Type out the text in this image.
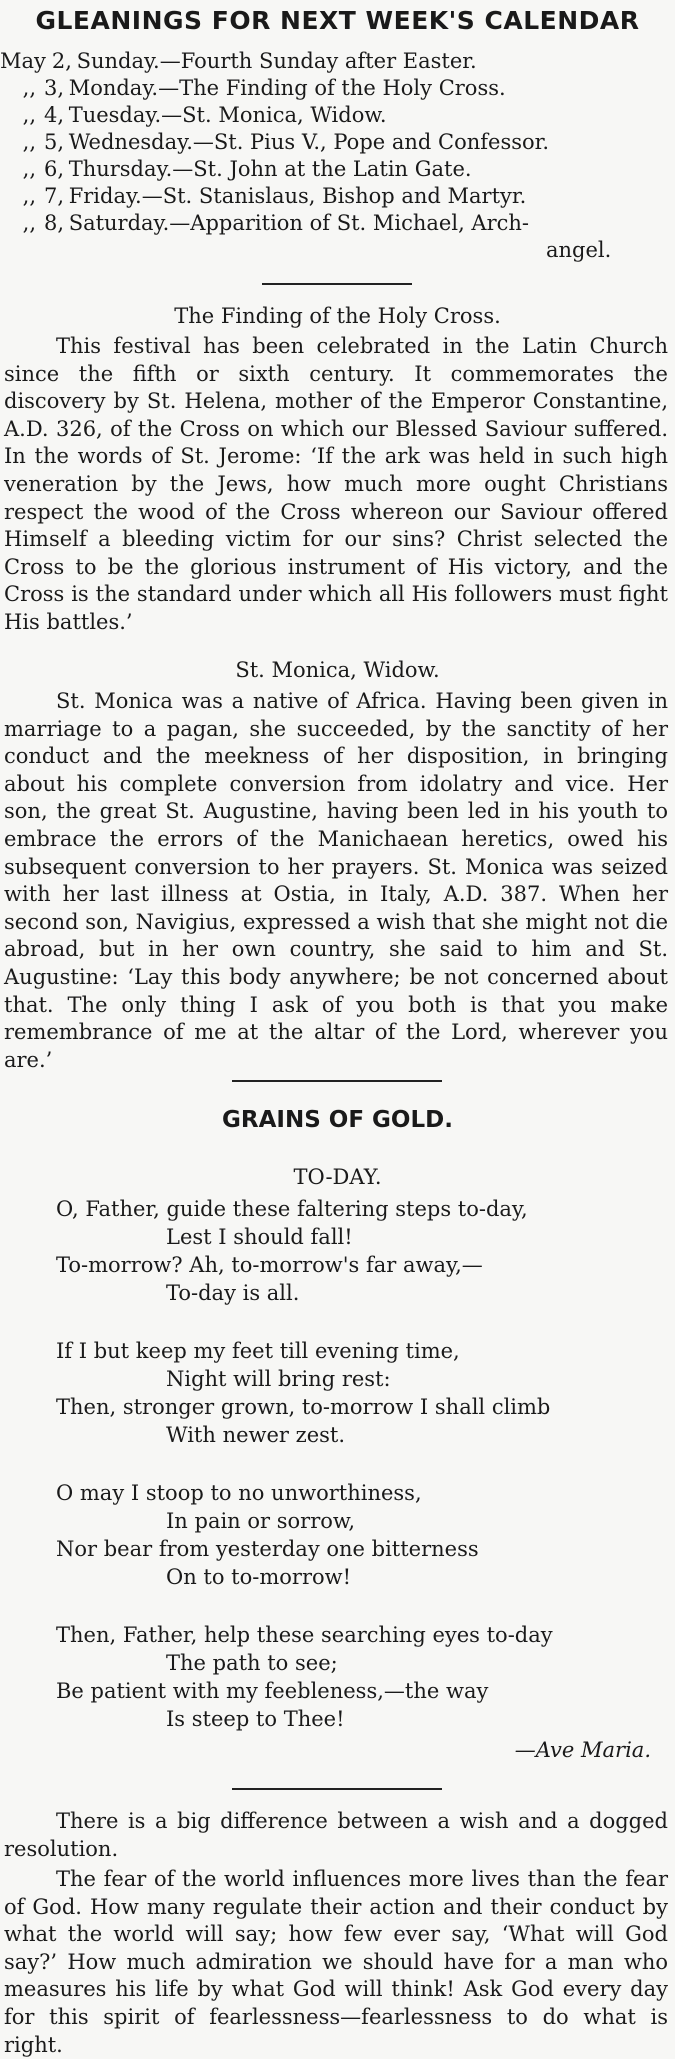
GLEANINGS FOR NEXT WEEK'S CALENDAR
May 2, Sunday.—Fourth Sunday after Easter.
,, 3, Monday.—The Finding of the Holy Cross.
,, 4, Tuesday.—St. Monica, Widow.
,, 5, Wednesday.—St. Pius V., Pope and Confessor.
,, 6, Thursday.—St. John at the Latin Gate.
,, 7, Friday.—St. Stanislaus, Bishop and Martyr.
,, 8, Saturday.—Apparition of St. Michael, Arch-
angel.
The Finding of the Holy Cross.

This festival has been celebrated in the Latin Church since the fifth or sixth century. It commemorates the discovery by St. Helena, mother of the Emperor Constantine, A.D. 326, of the Cross on which our Blessed Saviour suffered. In the words of St. Jerome: ‘If the ark was held in such high veneration by the Jews, how much more ought Christians respect the wood of the Cross whereon our Saviour offered Himself a bleeding victim for our sins? Christ selected the Cross to be the glorious instrument of His victory, and the Cross is the standard under which all His followers must fight His battles.’

St. Monica, Widow.

St. Monica was a native of Africa. Having been given in marriage to a pagan, she succeeded, by the sanctity of her conduct and the meekness of her disposition, in bringing about his complete conversion from idolatry and vice. Her son, the great St. Augustine, having been led in his youth to embrace the errors of the Manichaean heretics, owed his subsequent conversion to her prayers. St. Monica was seized with her last illness at Ostia, in Italy, A.D. 387. When her second son, Navigius, expressed a wish that she might not die abroad, but in her own country, she said to him and St. Augustine: ‘Lay this body anywhere; be not concerned about that. The only thing I ask of you both is that you make remembrance of me at the altar of the Lord, wherever you are.’

GRAINS OF GOLD.
TO-DAY.
O, Father, guide these faltering steps to-day,
Lest I should fall!
To-morrow? Ah, to-morrow's far away,—
To-day is all.
If I but keep my feet till evening time,
Night will bring rest:
Then, stronger grown, to-morrow I shall climb
With newer zest.
O may I stoop to no unworthiness,
In pain or sorrow,
Nor bear from yesterday one bitterness
On to to-morrow!
Then, Father, help these searching eyes to-day
The path to see;
Be patient with my feebleness,—the way
Is steep to Thee!
—Ave Maria.

There is a big difference between a wish and a dogged resolution.

The fear of the world influences more lives than the fear of God. How many regulate their action and their conduct by what the world will say; how few ever say, ‘What will God say?’ How much admiration we should have for a man who measures his life by what God will think! Ask God every day for this spirit of fearlessness—fearlessness to do what is right.
